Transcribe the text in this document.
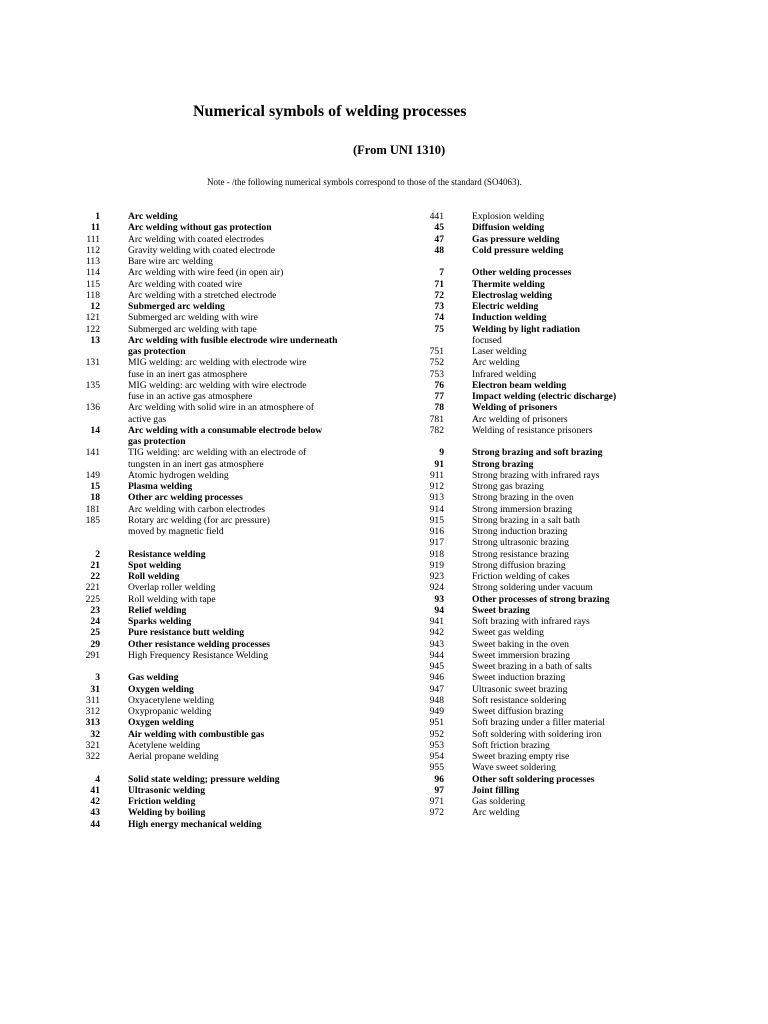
Numerical symbols of welding processes
(From UNI 1310)

Note - /the following numerical symbols correspond to those of the standard (SO4063).

1	Arc welding
11	Arc welding without gas protection
111	Arc welding with coated electrodes
112	Gravity welding with coated electrode
113	Bare wire arc welding
114	Arc welding with wire feed (in open air)
115	Arc welding with coated wire
118	Arc welding with a stretched electrode
12	Submerged arc welding
121	Submerged arc welding with wire
122	Submerged arc welding with tape
13	Arc welding with fusible electrode wire underneath
gas protection
131	MIG welding: arc welding with electrode wire
fuse in an inert gas atmosphere
135	MIG welding: arc welding with wire electrode
fuse in an active gas atmosphere
136	Arc welding with solid wire in an atmosphere of
active gas
14	Arc welding with a consumable electrode below
gas protection
141	TIG welding: arc welding with an electrode of
tungsten in an inert gas atmosphere
149	Atomic hydrogen welding
15	Plasma welding
18	Other arc welding processes
181	Arc welding with carbon electrodes
185	Rotary arc welding (for arc pressure)
moved by magnetic field
2	Resistance welding
21	Spot welding
22	Roll welding
221	Overlap roller welding
225	Roll welding with tape
23	Relief welding
24	Sparks welding
25	Pure resistance butt welding
29	Other resistance welding processes
291	High Frequency Resistance Welding
3	Gas welding
31	Oxygen welding
311	Oxyacetylene welding
312	Oxypropanic welding
313	Oxygen welding
32	Air welding with combustible gas
321	Acetylene welding
322	Aerial propane welding
4	Solid state welding; pressure welding
41	Ultrasonic welding
42	Friction welding
43	Welding by boiling
44	High energy mechanical welding
441	Explosion welding
45	Diffusion welding
47	Gas pressure welding
48	Cold pressure welding
7	Other welding processes
71	Thermite welding
72	Electroslag welding
73	Electric welding
74	Induction welding
75	Welding by light radiation
focused
751	Laser welding
752	Arc welding
753	Infrared welding
76	Electron beam welding
77	Impact welding (electric discharge)
78	Welding of prisoners
781	Arc welding of prisoners
782	Welding of resistance prisoners
9	Strong brazing and soft brazing
91	Strong brazing
911	Strong brazing with infrared rays
912	Strong gas brazing
913	Strong brazing in the oven
914	Strong immersion brazing
915	Strong brazing in a salt bath
916	Strong induction brazing
917	Strong ultrasonic brazing
918	Strong resistance brazing
919	Strong diffusion brazing
923	Friction welding of cakes
924	Strong soldering under vacuum
93	Other processes of strong brazing
94	Sweet brazing
941	Soft brazing with infrared rays
942	Sweet gas welding
943	Sweet baking in the oven
944	Sweet immersion brazing
945	Sweet brazing in a bath of salts
946	Sweet induction brazing
947	Ultrasonic sweet brazing
948	Soft resistance soldering
949	Sweet diffusion brazing
951	Soft brazing under a filler material
952	Soft soldering with soldering iron
953	Soft friction brazing
954	Sweet brazing empty rise
955	Wave sweet soldering
96	Other soft soldering processes
97	Joint filling
971	Gas soldering
972	Arc welding
